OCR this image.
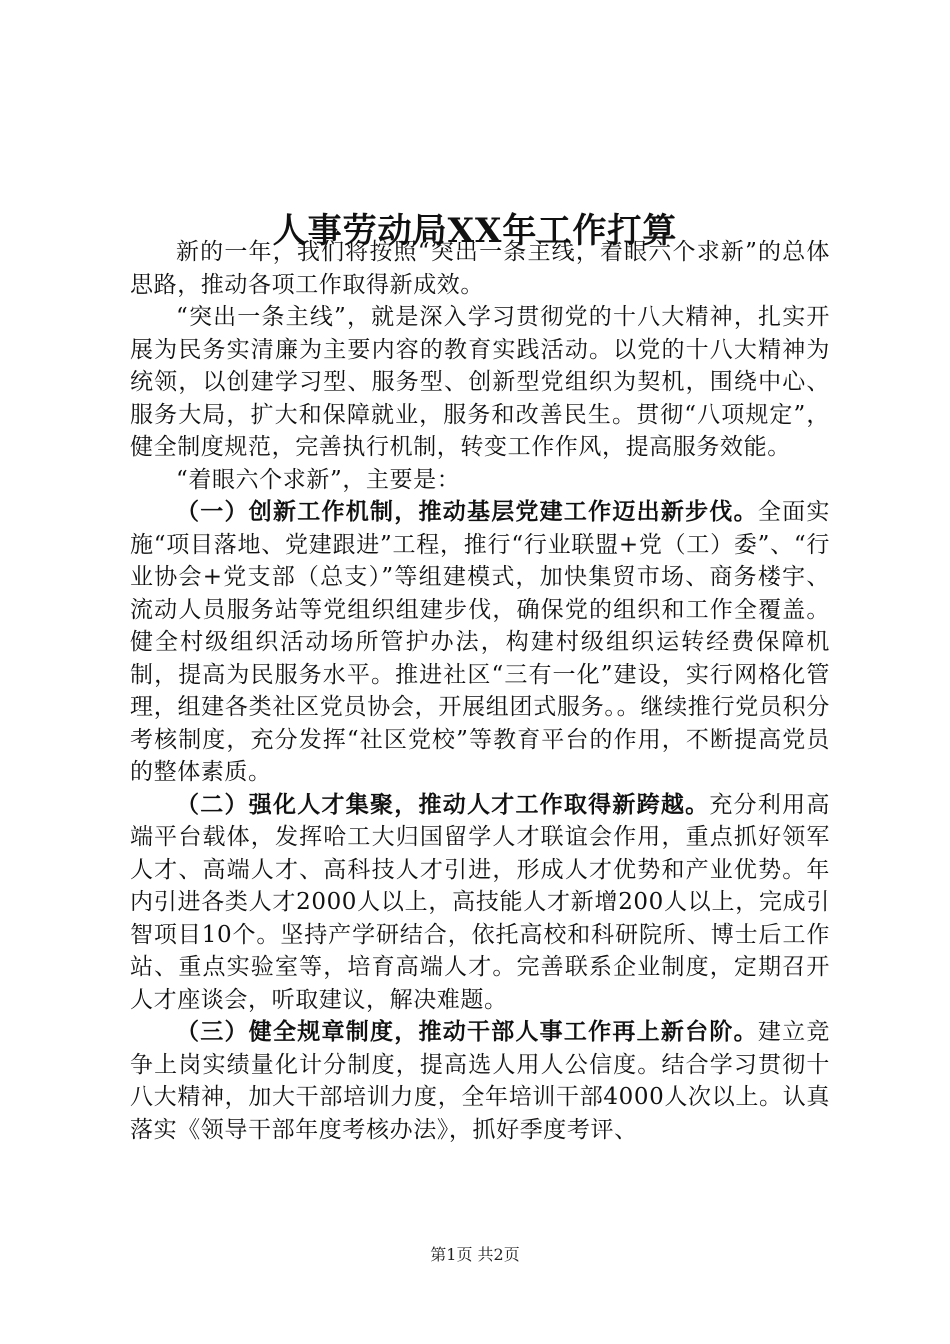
人事劳动局XX年工作打算

新的一年，我们将按照“突出一条主线，着眼六个求新”的总体思路，推动各项工作取得新成效。

“突出一条主线”，就是深入学习贯彻党的十八大精神，扎实开展为民务实清廉为主要内容的教育实践活动。以党的十八大精神为统领，以创建学习型、服务型、创新型党组织为契机，围绕中心、服务大局，扩大和保障就业，服务和改善民生。贯彻“八项规定”，健全制度规范，完善执行机制，转变工作作风，提高服务效能。

“着眼六个求新”，主要是：

（一）创新工作机制，推动基层党建工作迈出新步伐。全面实施“项目落地、党建跟进”工程，推行“行业联盟+党（工）委”、“行业协会+党支部（总支）”等组建模式，加快集贸市场、商务楼宇、流动人员服务站等党组织组建步伐，确保党的组织和工作全覆盖。健全村级组织活动场所管护办法，构建村级组织运转经费保障机制，提高为民服务水平。推进社区“三有一化”建设，实行网格化管理，组建各类社区党员协会，开展组团式服务。。继续推行党员积分考核制度，充分发挥“社区党校”等教育平台的作用，不断提高党员的整体素质。

（二）强化人才集聚，推动人才工作取得新跨越。充分利用高端平台载体，发挥哈工大归国留学人才联谊会作用，重点抓好领军人才、高端人才、高科技人才引进，形成人才优势和产业优势。年内引进各类人才2000人以上，高技能人才新增200人以上，完成引智项目10个。坚持产学研结合，依托高校和科研院所、博士后工作站、重点实验室等，培育高端人才。完善联系企业制度，定期召开人才座谈会，听取建议，解决难题。

（三）健全规章制度，推动干部人事工作再上新台阶。建立竞争上岗实绩量化计分制度，提高选人用人公信度。结合学习贯彻十八大精神，加大干部培训力度，全年培训干部4000人次以上。认真落实《领导干部年度考核办法》，抓好季度考评、

第1页 共2页
